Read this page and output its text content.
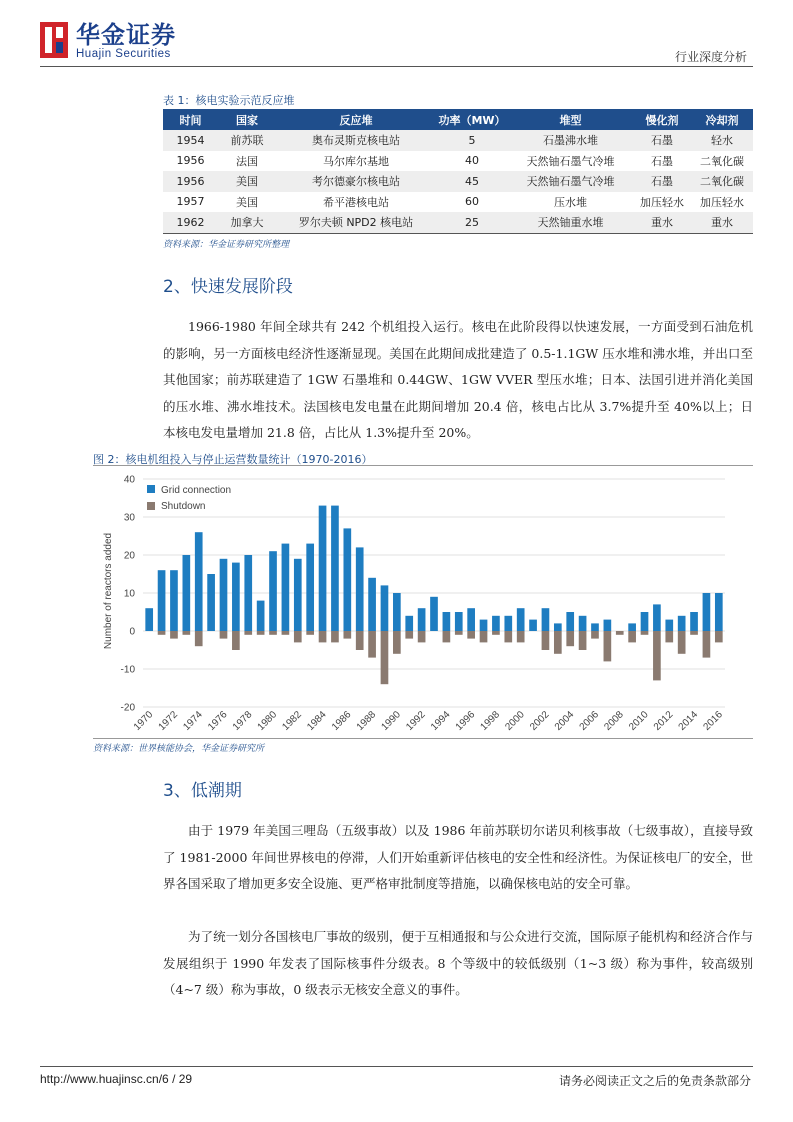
华金证券
Huajin Securities	行业深度分析
表 1：核电实验示范反应堆
时间	国家	反应堆	功率（MW）	堆型	慢化剂	冷却剂
1954	前苏联	奥布灵斯克核电站	5	石墨沸水堆	石墨	轻水
1956	法国	马尔库尔基地	40	天然铀石墨气冷堆	石墨	二氧化碳
1956	美国	考尔德豪尔核电站	45	天然铀石墨气冷堆	石墨	二氧化碳
1957	美国	希平港核电站	60	压水堆	加压轻水	加压轻水
1962	加拿大	罗尔夫顿 NPD2 核电站	25	天然铀重水堆	重水	重水
资料来源：华金证券研究所整理
2、快速发展阶段
1966-1980 年间全球共有 242 个机组投入运行。核电在此阶段得以快速发展，一方面受到石油危机的影响，另一方面核电经济性逐渐显现。美国在此期间成批建造了 0.5-1.1GW 压水堆和沸水堆，并出口至其他国家；前苏联建造了 1GW 石墨堆和 0.44GW、1GW VVER 型压水堆；日本、法国引进并消化美国的压水堆、沸水堆技术。法国核电发电量在此期间增加 20.4 倍，核电占比从 3.7%提升至 40%以上；日本核电发电量增加 21.8 倍，占比从 1.3%提升至 20%。
图 2：核电机组投入与停止运营数量统计（1970-2016）
40
30
20
10
0
-10
-20
Number of reactors added
1970 1972 1974 1976 1978 1980 1982 1984 1986 1988 1990 1992 1994 1996 1998 2000 2002 2004 2006 2008 2010 2012 2014 2016
Grid connection
Shutdown
资料来源：世界核能协会，华金证券研究所
3、低潮期
由于 1979 年美国三哩岛（五级事故）以及 1986 年前苏联切尔诺贝利核事故（七级事故），直接导致了 1981-2000 年间世界核电的停滞，人们开始重新评估核电的安全性和经济性。为保证核电厂的安全，世界各国采取了增加更多安全设施、更严格审批制度等措施，以确保核电站的安全可靠。
为了统一划分各国核电厂事故的级别，便于互相通报和与公众进行交流，国际原子能机构和经济合作与发展组织于 1990 年发表了国际核事件分级表。8 个等级中的较低级别（1~3 级）称为事件，较高级别（4~7 级）称为事故，0 级表示无核安全意义的事件。
http://www.huajinsc.cn/6 / 29	请务必阅读正文之后的免责条款部分
